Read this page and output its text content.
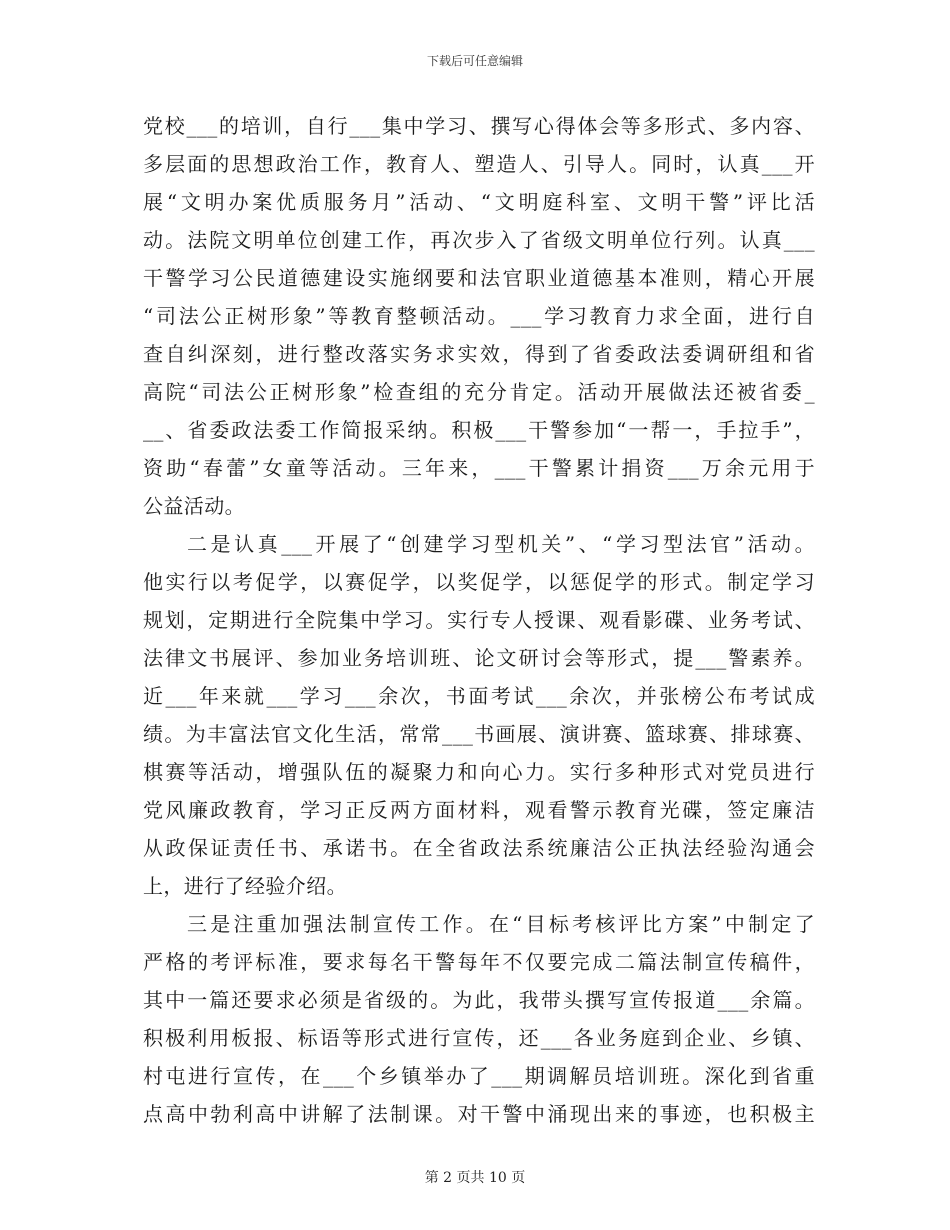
下载后可任意编辑
党校___的培训，自行___集中学习、撰写心得体会等多形式、多内容、
多层面的思想政治工作，教育人、塑造人、引导人。同时，认真___开
展“文明办案优质服务月”活动、“文明庭科室、文明干警”评比活
动。法院文明单位创建工作，再次步入了省级文明单位行列。认真___
干警学习公民道德建设实施纲要和法官职业道德基本准则，精心开展
“司法公正树形象”等教育整顿活动。___学习教育力求全面，进行自
查自纠深刻，进行整改落实务求实效，得到了省委政法委调研组和省
高院“司法公正树形象”检查组的充分肯定。活动开展做法还被省委_
__、省委政法委工作简报采纳。积极___干警参加“一帮一，手拉手”，
资助“春蕾”女童等活动。三年来，___干警累计捐资___万余元用于
公益活动。
二是认真___开展了“创建学习型机关”、“学习型法官”活动。
他实行以考促学，以赛促学，以奖促学，以惩促学的形式。制定学习
规划，定期进行全院集中学习。实行专人授课、观看影碟、业务考试、
法律文书展评、参加业务培训班、论文研讨会等形式，提___警素养。
近___年来就___学习___余次，书面考试___余次，并张榜公布考试成
绩。为丰富法官文化生活，常常___书画展、演讲赛、篮球赛、排球赛、
棋赛等活动，增强队伍的凝聚力和向心力。实行多种形式对党员进行
党风廉政教育，学习正反两方面材料，观看警示教育光碟，签定廉洁
从政保证责任书、承诺书。在全省政法系统廉洁公正执法经验沟通会
上，进行了经验介绍。
三是注重加强法制宣传工作。在“目标考核评比方案”中制定了
严格的考评标准，要求每名干警每年不仅要完成二篇法制宣传稿件，
其中一篇还要求必须是省级的。为此，我带头撰写宣传报道___余篇。
积极利用板报、标语等形式进行宣传，还___各业务庭到企业、乡镇、
村屯进行宣传，在___个乡镇举办了___期调解员培训班。深化到省重
点高中勃利高中讲解了法制课。对干警中涌现出来的事迹，也积极主
第 2 页共 10 页
